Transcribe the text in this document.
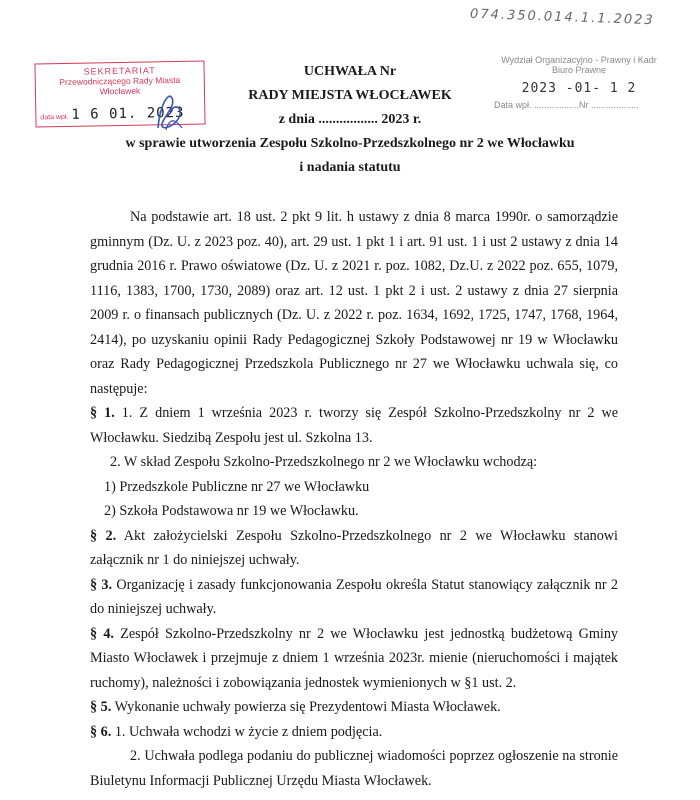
074.350.014.1.1.2023
SEKRETARIAT
Przewodniczącego Rady Miasta
Włocławek
data wpł. 1 6 01. 2023
Wydział Organizacyjno - Prawny i Kadr
Biuro Prawne
2023 -01- 1 2
Data wpł. ..................Nr ...................
UCHWAŁA Nr
RADY MIEJSTA WŁOCŁAWEK
z dnia ................. 2023 r.
w sprawie utworzenia Zespołu Szkolno-Przedszkolnego nr 2 we Włocławku
i nadania statutu

Na podstawie art. 18 ust. 2 pkt 9 lit. h ustawy z dnia 8 marca 1990r. o samorządzie gminnym (Dz. U. z 2023 poz. 40), art. 29 ust. 1 pkt 1 i art. 91 ust. 1 i ust 2 ustawy z dnia 14 grudnia 2016 r. Prawo oświatowe (Dz. U. z 2021 r. poz. 1082, Dz.U. z 2022 poz. 655, 1079, 1116, 1383, 1700, 1730, 2089) oraz art. 12 ust. 1 pkt 2 i ust. 2 ustawy z dnia 27 sierpnia 2009 r. o finansach publicznych (Dz. U. z 2022 r. poz. 1634, 1692, 1725, 1747, 1768, 1964, 2414), po uzyskaniu opinii Rady Pedagogicznej Szkoły Podstawowej nr 19 w Włocławku oraz Rady Pedagogicznej Przedszkola Publicznego nr 27 we Włocławku uchwala się, co następuje:

§ 1. 1. Z dniem 1 września 2023 r. tworzy się Zespół Szkolno-Przedszkolny nr 2 we Włocławku. Siedzibą Zespołu jest ul. Szkolna 13.

2. W skład Zespołu Szkolno-Przedszkolnego nr 2 we Włocławku wchodzą:

1) Przedszkole Publiczne nr 27 we Włocławku

2) Szkoła Podstawowa nr 19 we Włocławku.

§ 2. Akt założycielski Zespołu Szkolno-Przedszkolnego nr 2 we Włocławku stanowi załącznik nr 1 do niniejszej uchwały.

§ 3. Organizację i zasady funkcjonowania Zespołu określa Statut stanowiący załącznik nr 2 do niniejszej uchwały.

§ 4. Zespół Szkolno-Przedszkolny nr 2 we Włocławku jest jednostką budżetową Gminy Miasto Włocławek i przejmuje z dniem 1 września 2023r. mienie (nieruchomości i majątek ruchomy), należności i zobowiązania jednostek wymienionych w §1 ust. 2.

§ 5. Wykonanie uchwały powierza się Prezydentowi Miasta Włocławek.

§ 6. 1. Uchwała wchodzi w życie z dniem podjęcia.

2. Uchwała podlega podaniu do publicznej wiadomości poprzez ogłoszenie na stronie Biuletynu Informacji Publicznej Urzędu Miasta Włocławek.
